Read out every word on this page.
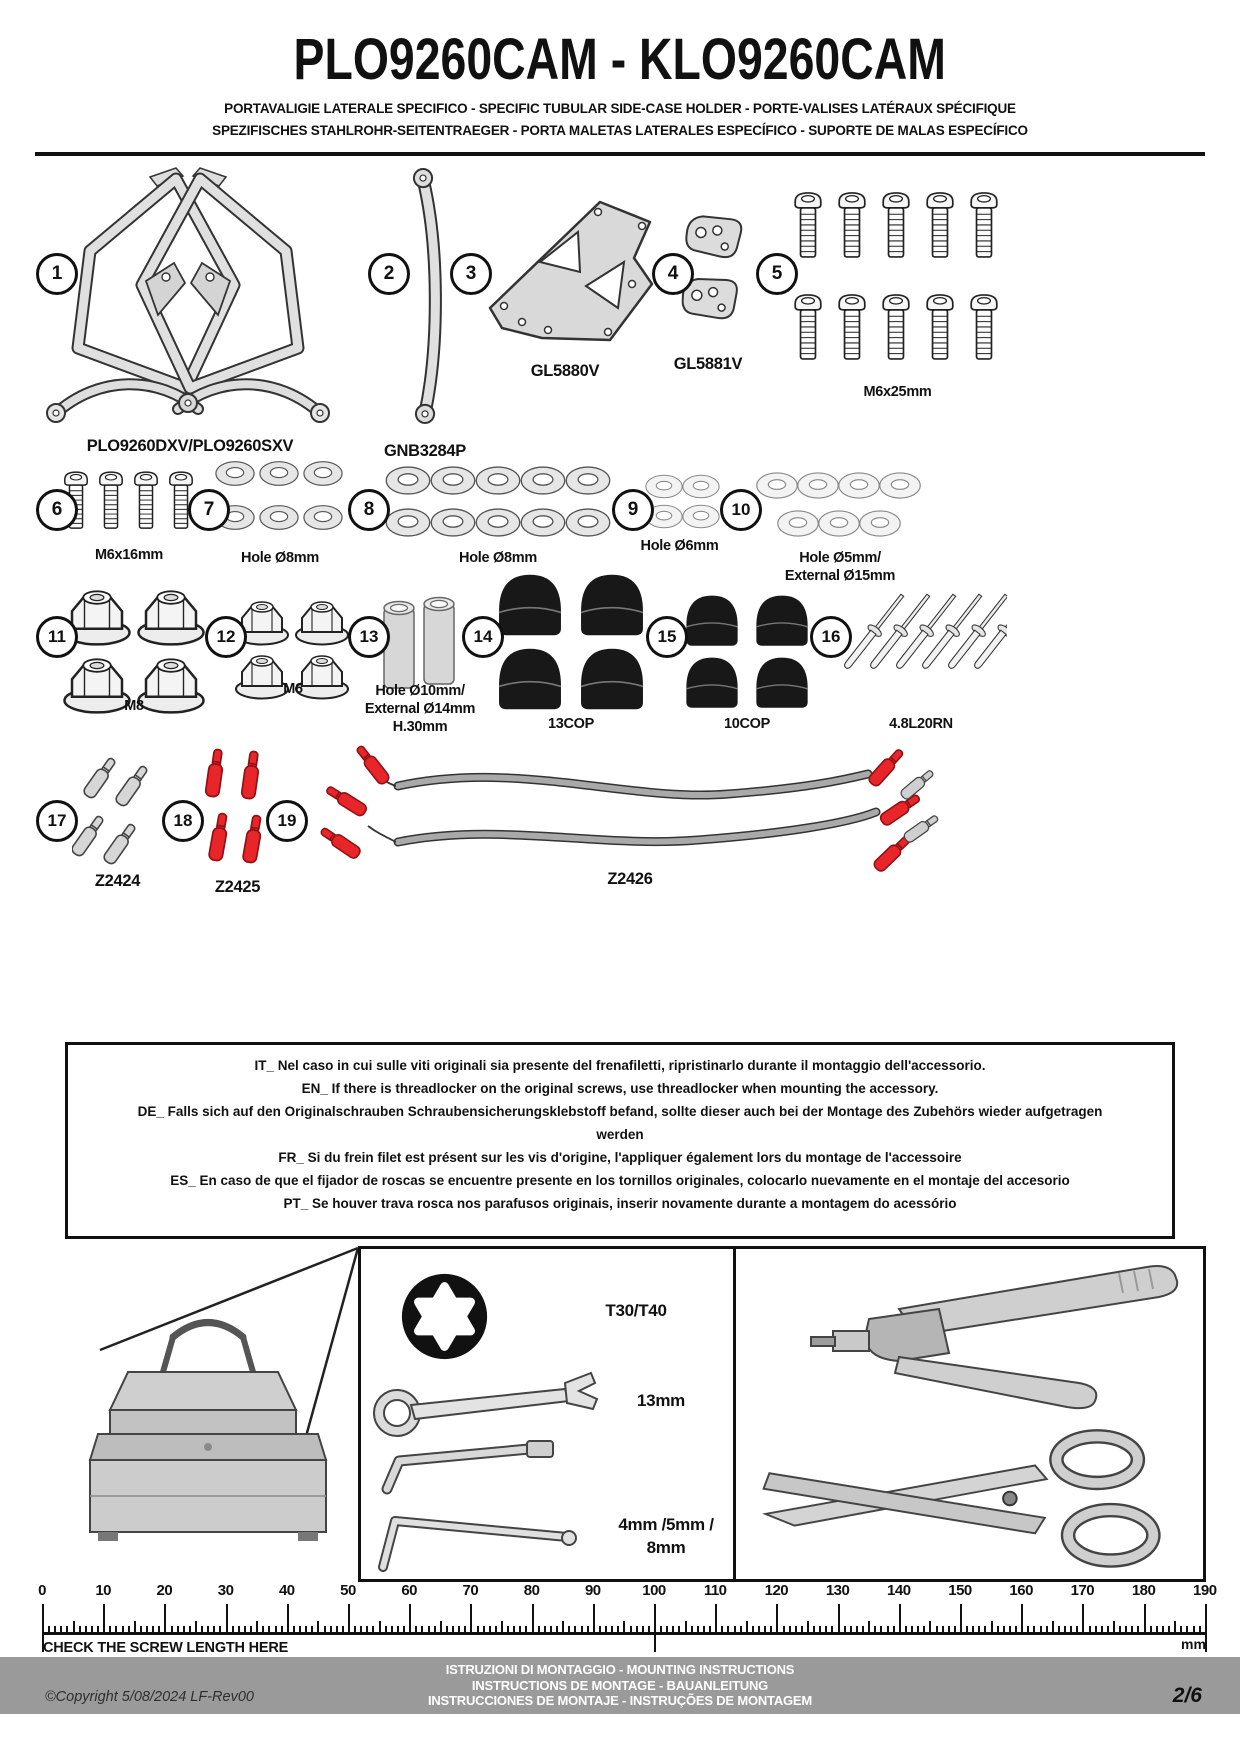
PLO9260CAM - KLO9260CAM
PORTAVALIGIE LATERALE SPECIFICO - SPECIFIC TUBULAR SIDE-CASE HOLDER - PORTE-VALISES LATÉRAUX SPÉCIFIQUE
SPEZIFISCHES STAHLROHR-SEITENTRAEGER - PORTA MALETAS LATERALES ESPECÍFICO - SUPORTE DE MALAS ESPECÍFICO
1
PLO9260DXV/PLO9260SXV
2
GNB3284P
3
GL5880V
4
GL5881V
5
M6x25mm
6
M6x16mm
7
Hole Ø8mm
8
Hole Ø8mm
9
Hole Ø6mm
10
Hole Ø5mm/
External Ø15mm
11
M8
12
M6
13
Hole Ø10mm/
External Ø14mm
H.30mm
14
13COP
15
10COP
16
4.8L20RN
17
Z2424
18
Z2425
19
Z2426
IT_ Nel caso in cui sulle viti originali sia presente del frenafiletti, ripristinarlo durante il montaggio dell'accessorio.
EN_ If there is threadlocker on the original screws, use threadlocker when mounting the accessory.
DE_ Falls sich auf den Originalschrauben Schraubensicherungsklebstoff befand, sollte dieser auch bei der Montage des Zubehörs wieder aufgetragen
werden
FR_ Si du frein filet est présent sur les vis d'origine, l'appliquer également lors du montage de l'accessoire
ES_ En caso de que el fijador de roscas se encuentre presente en los tornillos originales, colocarlo nuevamente en el montaje del accesorio
PT_ Se houver trava rosca nos parafusos originais, inserir novamente durante a montagem do acessório
T30/T40
13mm
4mm /5mm /
8mm
0	10	20	30	40	50	60	70	80	90	100	110	120	130	140	150	160	170	180	190
mm
CHECK THE SCREW LENGTH HERE
©Copyright 5/08/2024 LF-Rev00
ISTRUZIONI DI MONTAGGIO - MOUNTING INSTRUCTIONS
INSTRUCTIONS DE MONTAGE - BAUANLEITUNG
INSTRUCCIONES DE MONTAJE - INSTRUÇÕES DE MONTAGEM	2/6
